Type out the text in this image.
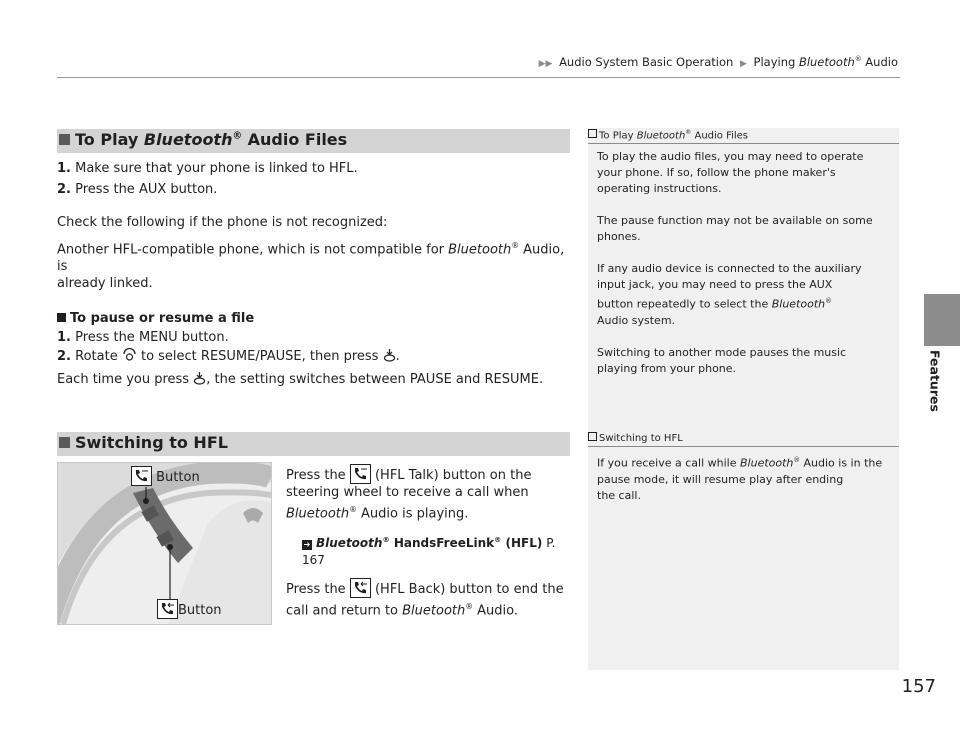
▶▶ Audio System Basic Operation ▶ Playing Bluetooth® Audio
Features
157
To Play Bluetooth® Audio Files
1. Make sure that your phone is linked to HFL.
2. Press the AUX button.
Check the following if the phone is not recognized:
Another HFL-compatible phone, which is not compatible for Bluetooth® Audio, is
already linked.
To pause or resume a file
1. Press the MENU button.
2. Rotate to select RESUME/PAUSE, then press .
Each time you press , the setting switches between PAUSE and RESUME.
Switching to HFL
Button
Button
Press the (HFL Talk) button on the
steering wheel to receive a call when
Bluetooth® Audio is playing.
➔ Bluetooth® HandsFreeLink® (HFL) P. 167
Press the (HFL Back) button to end the
call and return to Bluetooth® Audio.
To Play Bluetooth® Audio Files
To play the audio files, you may need to operate
your phone. If so, follow the phone maker's
operating instructions.
The pause function may not be available on some
phones.
If any audio device is connected to the auxiliary
input jack, you may need to press the AUX
button repeatedly to select the Bluetooth®
Audio system.
Switching to another mode pauses the music
playing from your phone.
Switching to HFL
If you receive a call while Bluetooth® Audio is in the
pause mode, it will resume play after ending
the call.
